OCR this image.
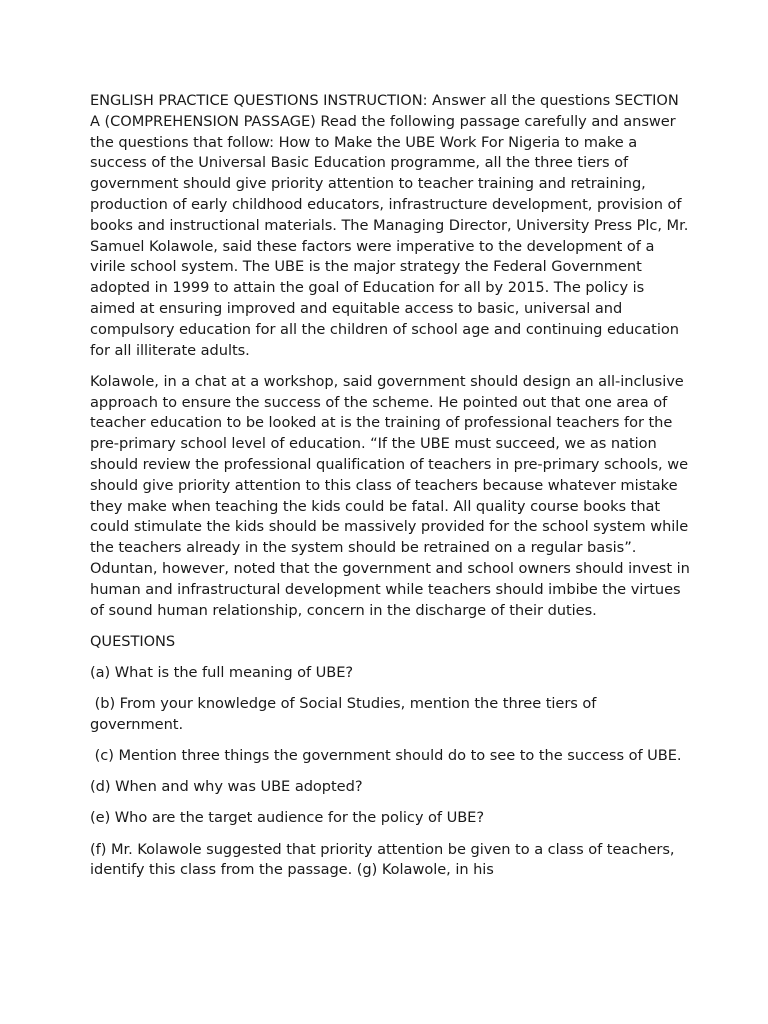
ENGLISH PRACTICE QUESTIONS INSTRUCTION: Answer all the questions SECTION A (COMPREHENSION PASSAGE) Read the following passage carefully and answer the questions that follow: How to Make the UBE Work For Nigeria to make a success of the Universal Basic Education programme, all the three tiers of government should give priority attention to teacher training and retraining, production of early childhood educators, infrastructure development, provision of books and instructional materials. The Managing Director, University Press Plc, Mr. Samuel Kolawole, said these factors were imperative to the development of a virile school system. The UBE is the major strategy the Federal Government adopted in 1999 to attain the goal of Education for all by 2015. The policy is aimed at ensuring improved and equitable access to basic, universal and compulsory education for all the children of school age and continuing education for all illiterate adults.

Kolawole, in a chat at a workshop, said government should design an all-inclusive approach to ensure the success of the scheme. He pointed out that one area of teacher education to be looked at is the training of professional teachers for the pre-primary school level of education. “If the UBE must succeed, we as nation should review the professional qualification of teachers in pre-primary schools, we should give priority attention to this class of teachers because whatever mistake they make when teaching the kids could be fatal. All quality course books that could stimulate the kids should be massively provided for the school system while the teachers already in the system should be retrained on a regular basis”. Oduntan, however, noted that the government and school owners should invest in human and infrastructural development while teachers should imbibe the virtues of sound human relationship, concern in the discharge of their duties.

QUESTIONS

(a) What is the full meaning of UBE?

(b) From your knowledge of Social Studies, mention the three tiers of government.

(c) Mention three things the government should do to see to the success of UBE.

(d) When and why was UBE adopted?

(e) Who are the target audience for the policy of UBE?

(f) Mr. Kolawole suggested that priority attention be given to a class of teachers, identify this class from the passage. (g) Kolawole, in his
